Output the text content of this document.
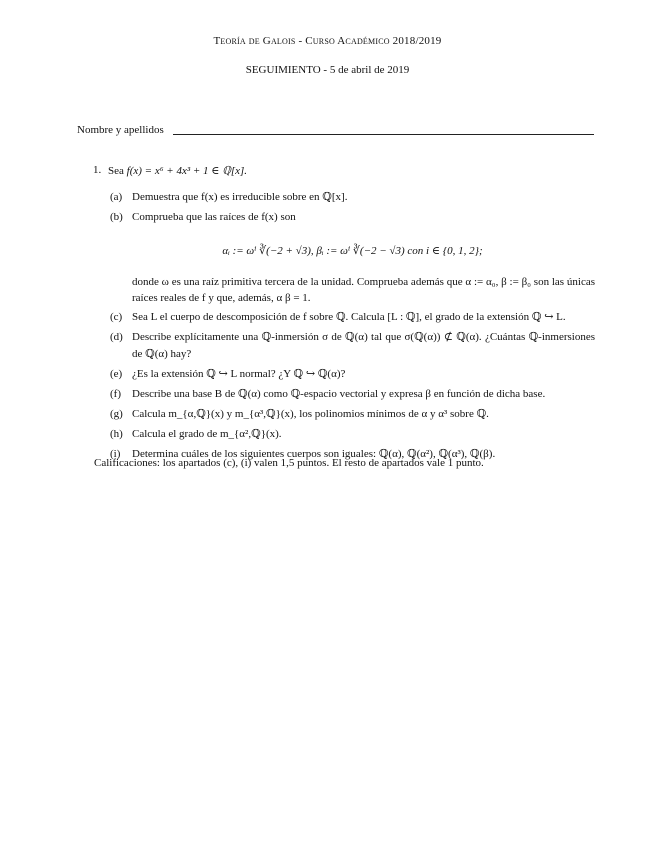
Teoría de Galois - Curso Académico 2018/2019
SEGUIMIENTO - 5 de abril de 2019
Nombre y apellidos
1. Sea f(x) = x⁶ + 4x³ + 1 ∈ ℚ[x].
(a) Demuestra que f(x) es irreducible sobre en ℚ[x].
(b) Comprueba que las raíces de f(x) son
αᵢ := ωⁱ ∛(−2 + √3), βᵢ := ωⁱ ∛(−2 − √3) con i ∈ {0, 1, 2};
donde ω es una raíz primitiva tercera de la unidad. Comprueba además que α := α₀, β := β₀ son las únicas raíces reales de f y que, además, α β = 1.
(c) Sea L el cuerpo de descomposición de f sobre ℚ. Calcula [L : ℚ], el grado de la extensión ℚ ↪ L.
(d) Describe explícitamente una ℚ-inmersión σ de ℚ(α) tal que σ(ℚ(α)) ⊄ ℚ(α). ¿Cuántas ℚ-inmersiones de ℚ(α) hay?
(e) ¿Es la extensión ℚ ↪ L normal? ¿Y ℚ ↪ ℚ(α)?
(f)	Describe una base B de ℚ(α) como ℚ-espacio vectorial y expresa β en función de dicha base.
(g) Calcula m_{α,ℚ}(x) y m_{α³,ℚ}(x), los polinomios mínimos de α y α³ sobre ℚ.
(h) Calcula el grado de m_{α²,ℚ}(x).
(i)	Determina cuáles de los siguientes cuerpos son iguales: ℚ(α), ℚ(α²), ℚ(α³), ℚ(β).
Calificaciones: los apartados (c), (i) valen 1,5 puntos. El resto de apartados vale 1 punto.
